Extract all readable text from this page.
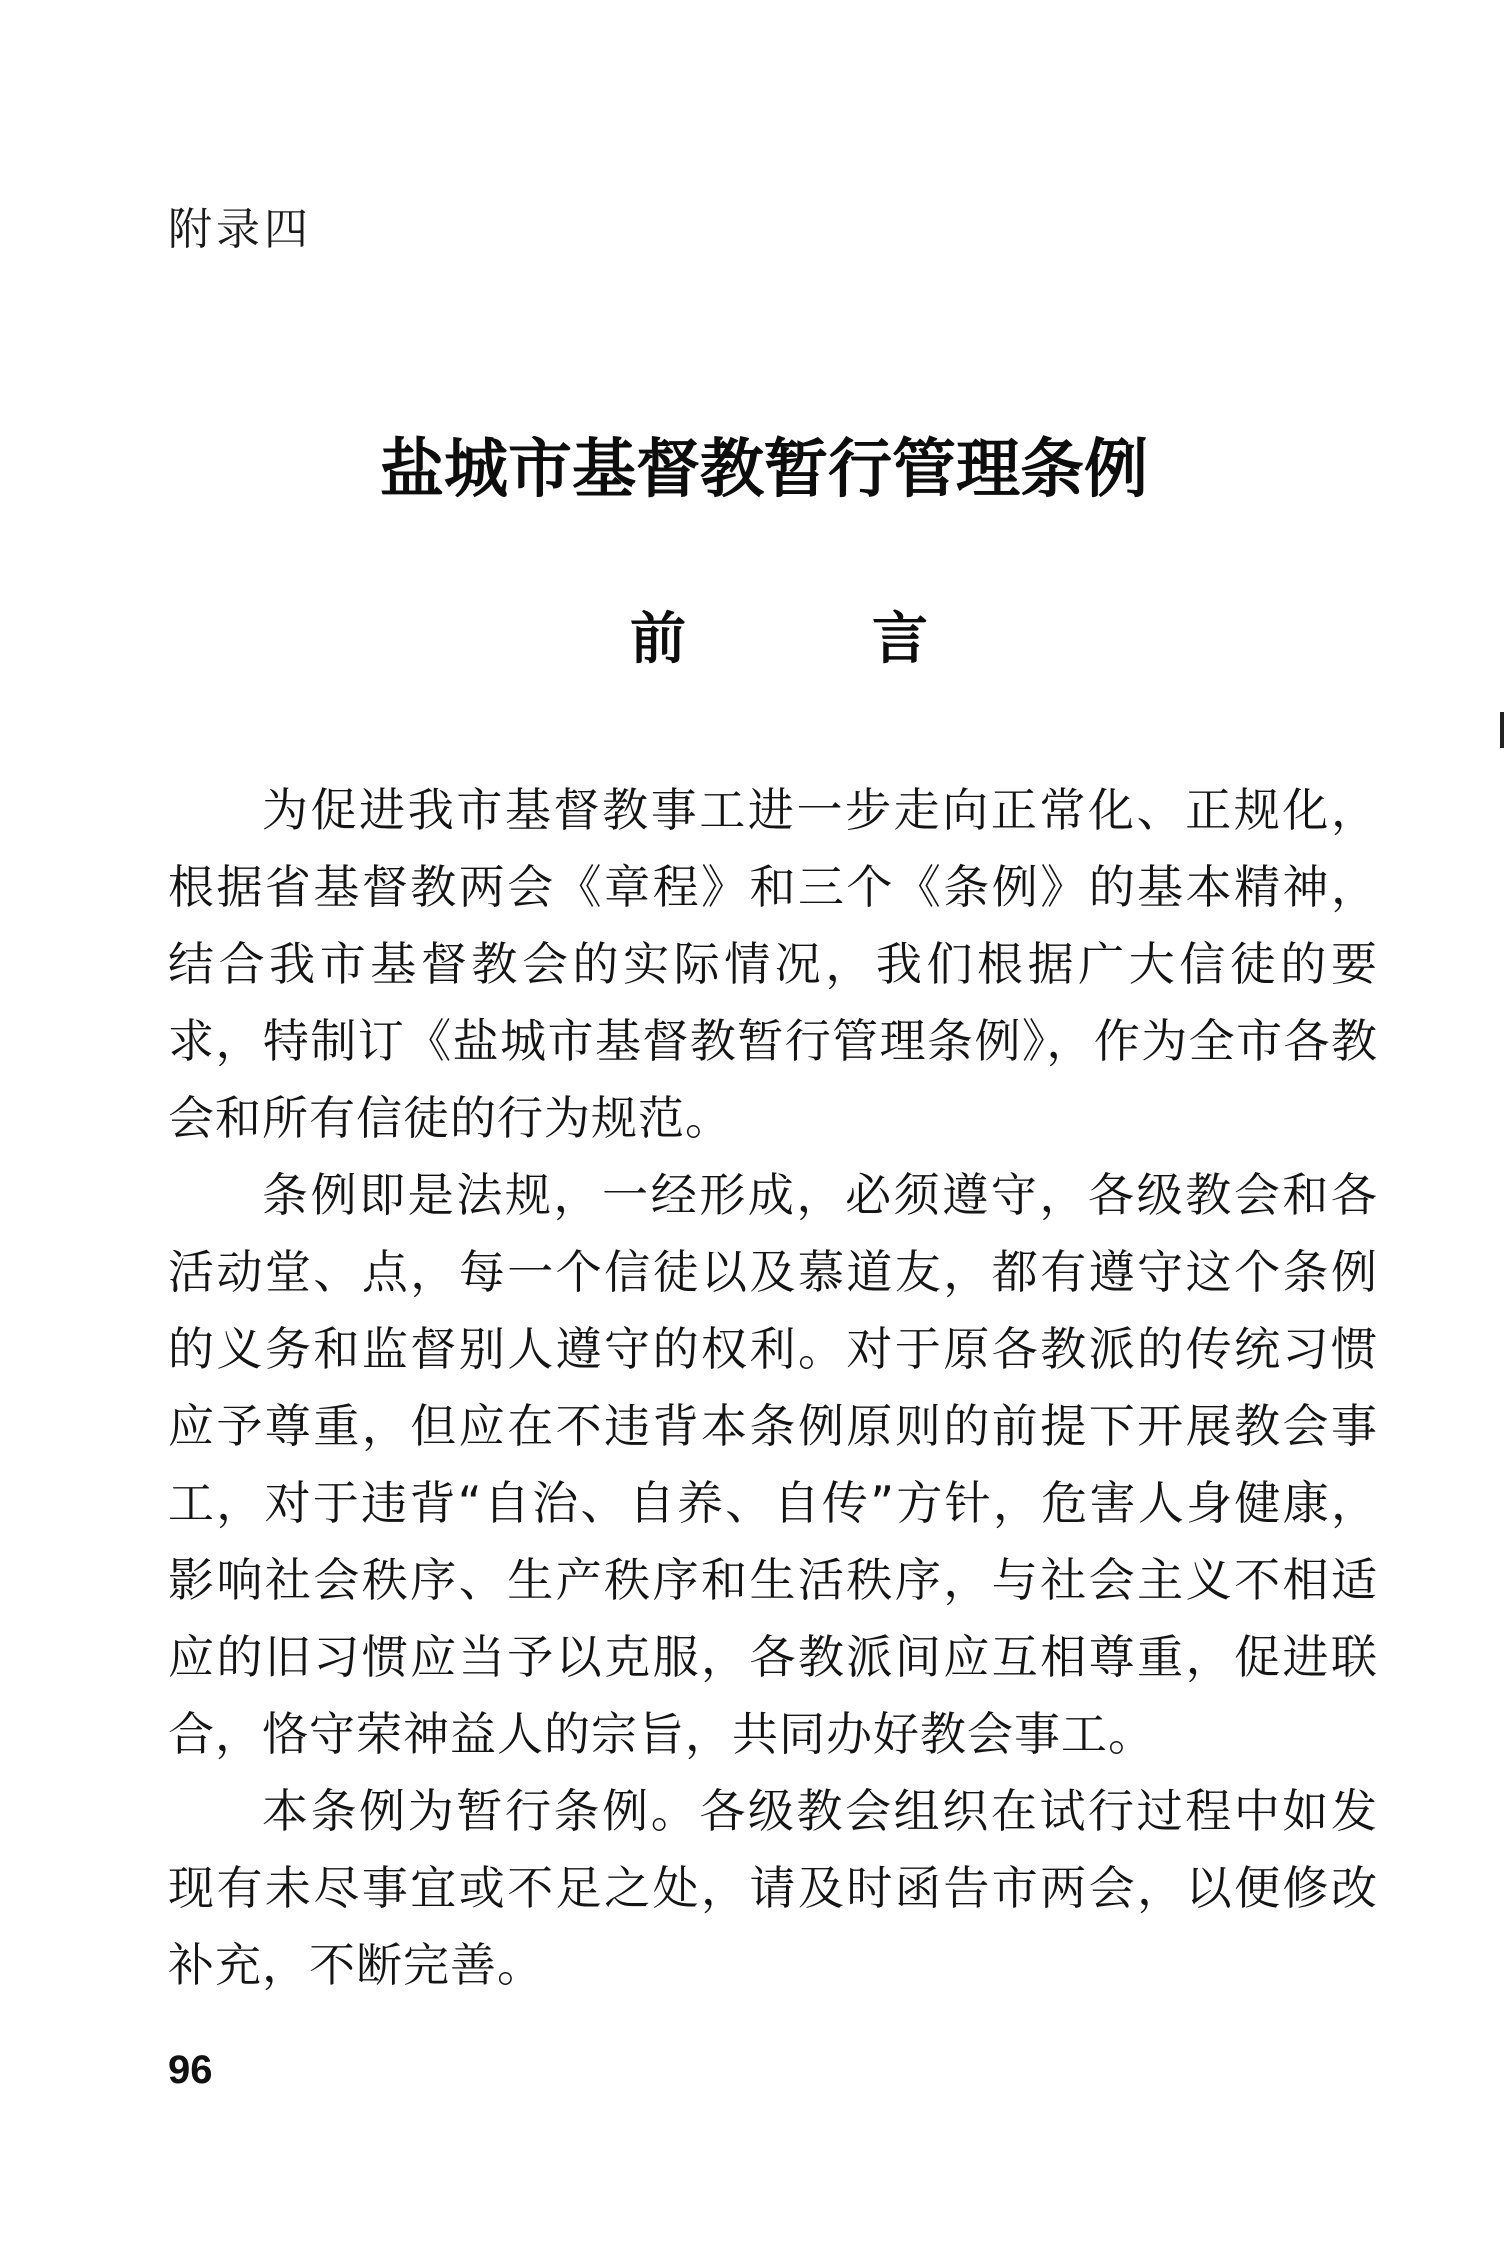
附录四
盐城市基督教暂行管理条例
前言

为促进我市基督教事工进一步走向正常化、正规化，根据省基督教两会《章程》和三个《条例》的基本精神，结合我市基督教会的实际情况，我们根据广大信徒的要求，特制订《盐城市基督教暂行管理条例》，作为全市各教会和所有信徒的行为规范。

条例即是法规，一经形成，必须遵守，各级教会和各活动堂、点，每一个信徒以及慕道友，都有遵守这个条例的义务和监督别人遵守的权利。对于原各教派的传统习惯应予尊重，但应在不违背本条例原则的前提下开展教会事工，对于违背“自治、自养、自传”方针，危害人身健康，影响社会秩序、生产秩序和生活秩序，与社会主义不相适应的旧习惯应当予以克服，各教派间应互相尊重，促进联合，恪守荣神益人的宗旨，共同办好教会事工。

本条例为暂行条例。各级教会组织在试行过程中如发现有未尽事宜或不足之处，请及时函告市两会，以便修改补充，不断完善。

96
